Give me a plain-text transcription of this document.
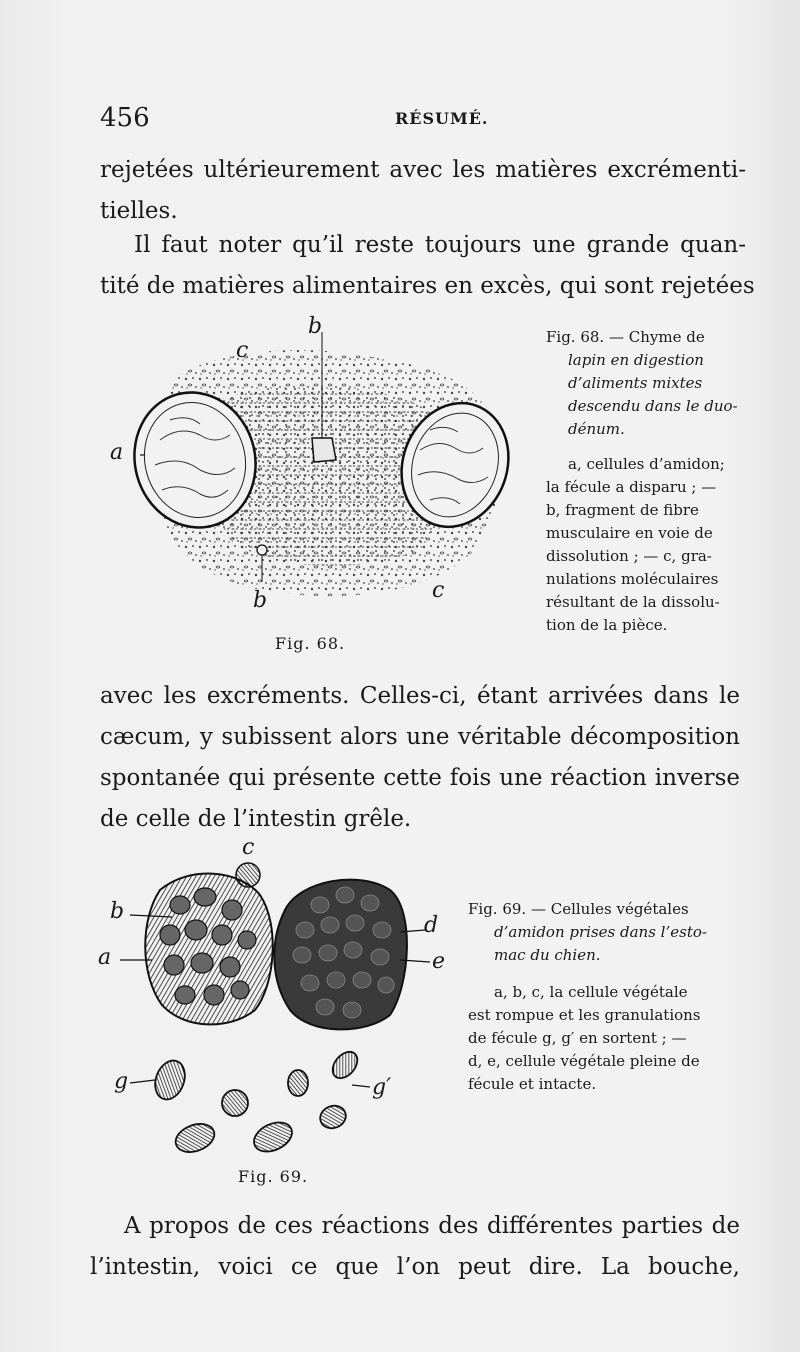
456	RÉSUMÉ.
rejetées ultérieurement avec les matières excrémenti-
tielles.
Il faut noter qu’il reste toujours une grande quan-
tité de matières alimentaires en excès, qui sont rejetées
b
c
a
b	c
Fig. 68.
Fig. 68. — Chyme de
lapin en digestion
d’aliments mixtes
descendu dans le duo-
dénum.
a, cellules d’amidon;
la fécule a disparu ; —
b, fragment de fibre
musculaire en voie de
dissolution ; — c, gra-
nulations moléculaires
résultant de la dissolu-
tion de la pièce.
avec les excréments. Celles-ci, étant arrivées dans le
cæcum, y subissent alors une véritable décomposition
spontanée qui présente cette fois une réaction inverse
de celle de l’intestin grêle.
c
b
a
d
e
g	g′
Fig. 69.
Fig. 69. — Cellules végétales
d’amidon prises dans l’esto-
mac du chien.
a, b, c, la cellule végétale
est rompue et les granulations
de fécule g, g′ en sortent ; —
d, e, cellule végétale pleine de
fécule et intacte.
A propos de ces réactions des différentes parties de
l’intestin, voici ce que l’on peut dire. La bouche,
